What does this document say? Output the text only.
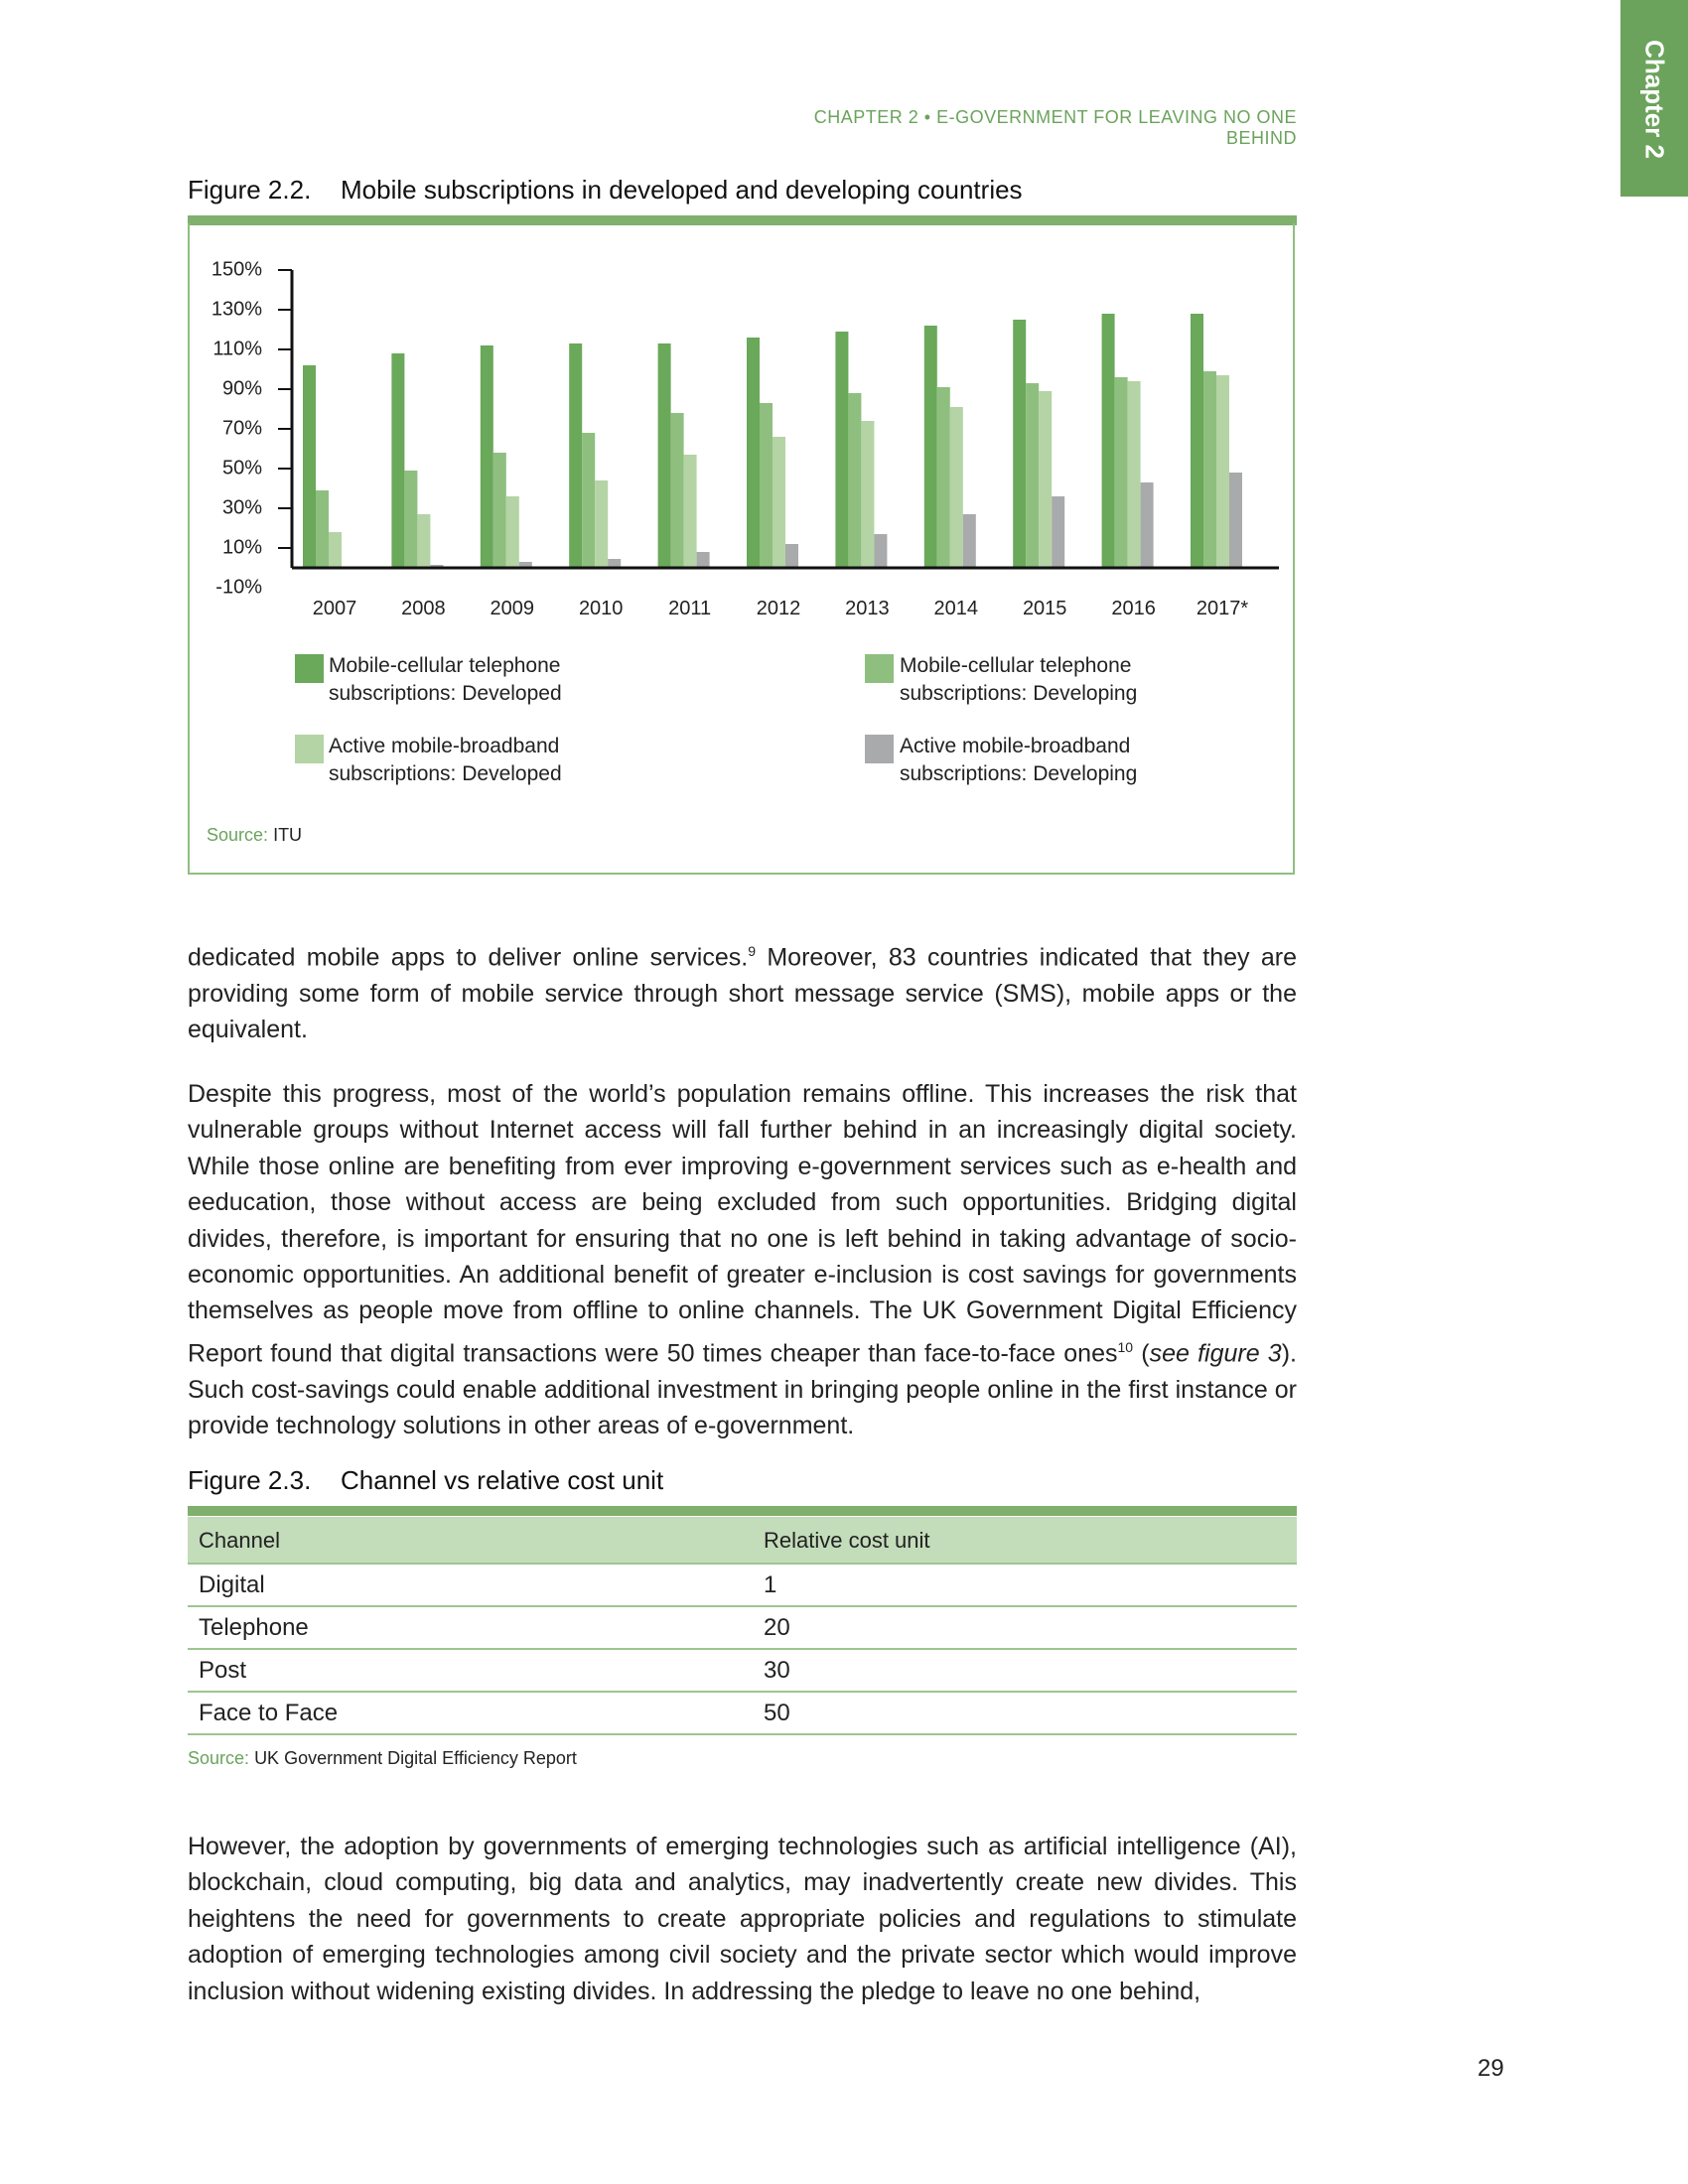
Chapter 2
CHAPTER 2 • E-GOVERNMENT FOR LEAVING NO ONE BEHIND
Figure 2.2. Mobile subscriptions in developed and developing countries
150%
130%
110%
90%
70%
50%
30%
10%
-10%
2007 2008 2009 2010 2011 2012 2013 2014 2015 2016 2017*
Mobile-cellular telephone
subscriptions: Developed
Mobile-cellular telephone
subscriptions: Developing
Active mobile-broadband
subscriptions: Developed
Active mobile-broadband
subscriptions: Developing
Source: ITU

dedicated mobile apps to deliver online services.$^9$ Moreover, 83 countries indicated that they are providing some form of mobile service through short message service (SMS), mobile apps or the equivalent.

Despite this progress, most of the world’s population remains offline. This increases the risk that vulnerable groups without Internet access will fall further behind in an increasingly digital society. While those online are benefiting from ever improving e-government services such as e-health and eeducation, those without access are being excluded from such opportunities. Bridging digital divides, therefore, is important for ensuring that no one is left behind in taking advantage of socio-economic opportunities. An additional benefit of greater e-inclusion is cost savings for governments themselves as people move from offline to online channels. The UK Government Digital Efficiency Report found that digital transactions were 50 times cheaper than face-to-face ones$^{10}$ (see figure 3). Such cost-savings could enable additional investment in bringing people online in the first instance or provide technology solutions in other areas of e-government.

Figure 2.3. Channel vs relative cost unit
Channel	Relative cost unit
Digital	1
Telephone	20
Post	30
Face to Face	50
Source: UK Government Digital Efficiency Report

However, the adoption by governments of emerging technologies such as artificial intelligence (AI), blockchain, cloud computing, big data and analytics, may inadvertently create new divides. This heightens the need for governments to create appropriate policies and regulations to stimulate adoption of emerging technologies among civil society and the private sector which would improve inclusion without widening existing divides. In addressing the pledge to leave no one behind,

29
